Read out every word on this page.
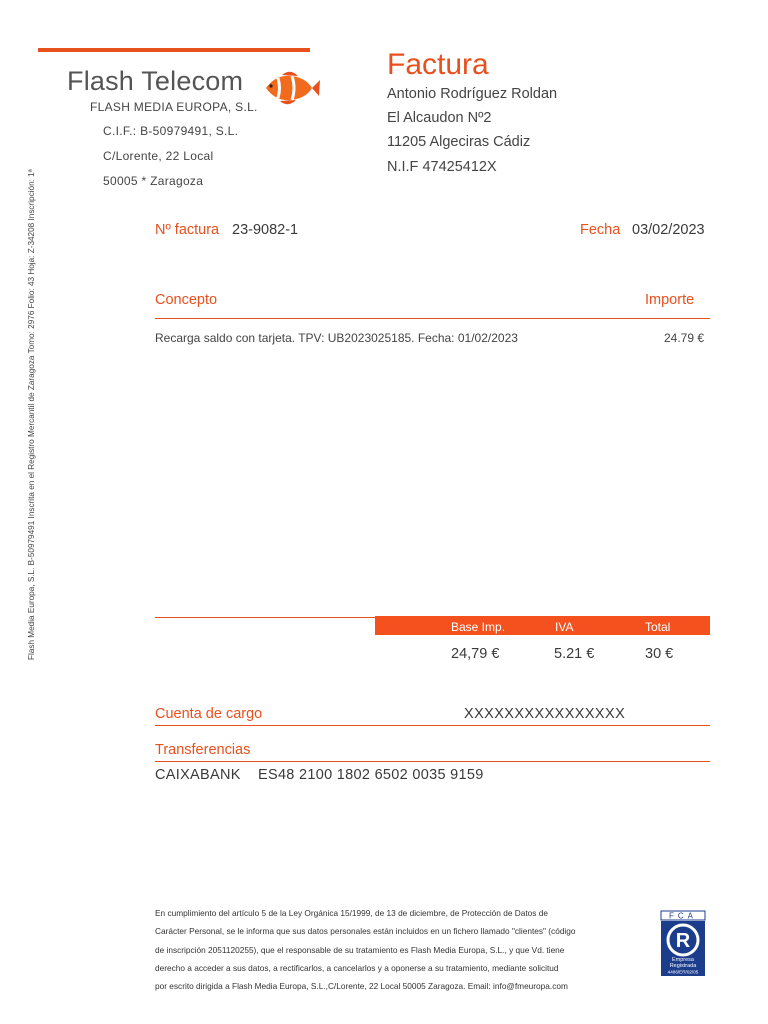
Flash Telecom
FLASH MEDIA EUROPA, S.L.
C.I.F.: B-50979491, S.L.
C/Lorente, 22 Local
50005 * Zaragoza
Flash Media Europa, S.L. B-50979491 Inscrita en el Registro Mercantil de Zaragoza Tomo: 2976 Folio: 43 Hoja: Z-34208 Inscripción: 1ª
Factura
Antonio Rodríguez Roldan
El Alcaudon Nº2
11205 Algeciras Cádiz
N.I.F 47425412X
Nº factura 23-9082-1	Fecha 03/02/2023
Concepto	Importe
Recarga saldo con tarjeta. TPV: UB2023025185. Fecha: 01/02/2023	24.79 €
Base Imp.	IVA	Total
24,79 €	5.21 €	30 €
Cuenta de cargo	XXXXXXXXXXXXXXXX
Transferencias
CAIXABANK ES48 2100 1802 6502 0035 9159
En cumplimiento del artículo 5 de la Ley Orgánica 15/1999, de 13 de diciembre, de Protección de Datos de
Carácter Personal, se le informa que sus datos personales están incluidos en un fichero llamado "clientes" (código
de inscripción 2051120255), que el responsable de su tratamiento es Flash Media Europa, S.L., y que Vd. tiene
derecho a acceder a sus datos, a rectificarlos, a cancelarlos y a oponerse a su tratamiento, mediante solicitud
por escrito dirigida a Flash Media Europa, S.L.,C/Lorente, 22 Local 50005 Zaragoza. Email: info@fmeuropa.com
FCA
R
Empresa
Registrada
4486/ER/02/05
